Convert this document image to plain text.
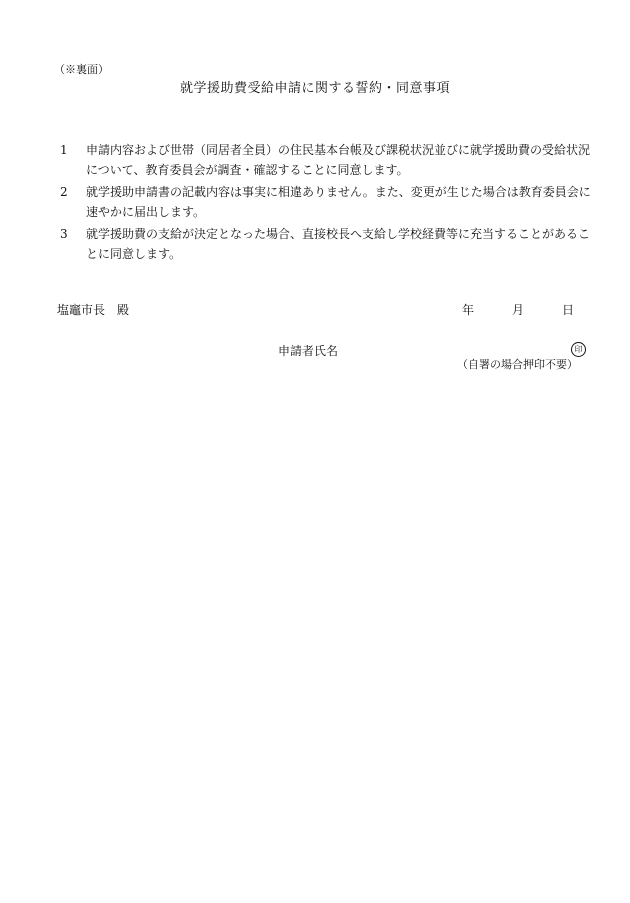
（※裏面）
就学援助費受給申請に関する誓約・同意事項
1	申請内容および世帯（同居者全員）の住民基本台帳及び課税状況並びに就学援助費の受給状況について、教育委員会が調査・確認することに同意します。
2	就学援助申請書の記載内容は事実に相違ありません。また、変更が生じた場合は教育委員会に速やかに届出します。
3	就学援助費の支給が決定となった場合、直接校長へ支給し学校経費等に充当することがあることに同意します。
塩竈市長　殿	年	月	日
申請者氏名	印
（自署の場合押印不要）
